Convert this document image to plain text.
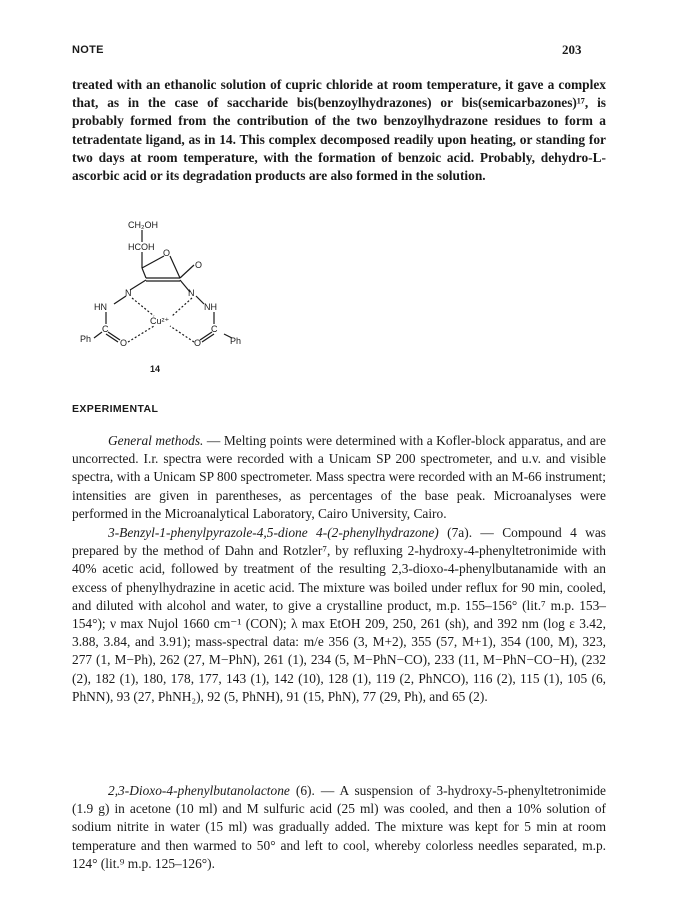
NOTE	203
treated with an ethanolic solution of cupric chloride at room temperature, it gave a complex that, as in the case of saccharide bis(benzoylhydrazones) or bis(semicarbazones)¹⁷, is probably formed from the contribution of the two benzoylhydrazone residues to form a tetradentate ligand, as in 14. This complex decomposed readily upon heating, or standing for two days at room temperature, with the formation of benzoic acid. Probably, dehydro-L-ascorbic acid or its degradation products are also formed in the solution.
CH₂OH
HCOH
O
O
N	N
HN	NH
Cu²⁺
C	C
O	O
Ph	Ph
14
EXPERIMENTAL
General methods. — Melting points were determined with a Kofler-block apparatus, and are uncorrected. I.r. spectra were recorded with a Unicam SP 200 spectrometer, and u.v. and visible spectra, with a Unicam SP 800 spectrometer. Mass spectra were recorded with an M-66 instrument; intensities are given in parentheses, as percentages of the base peak. Microanalyses were performed in the Microanalytical Laboratory, Cairo University, Cairo.
3-Benzyl-1-phenylpyrazole-4,5-dione 4-(2-phenylhydrazone) (7a). — Compound 4 was prepared by the method of Dahn and Rotzler⁷, by refluxing 2-hydroxy-4-phenyltetronimide with 40% acetic acid, followed by treatment of the resulting 2,3-dioxo-4-phenylbutanamide with an excess of phenylhydrazine in acetic acid. The mixture was boiled under reflux for 90 min, cooled, and diluted with alcohol and water, to give a crystalline product, m.p. 155–156° (lit.⁷ m.p. 153–154°); ν max Nujol 1660 cm⁻¹ (CON); λ max EtOH 209, 250, 261 (sh), and 392 nm (log ε 3.42, 3.88, 3.84, and 3.91); mass-spectral data: m/e 356 (3, M+2), 355 (57, M+1), 354 (100, M), 323, 277 (1, M−Ph), 262 (27, M−PhN), 261 (1), 234 (5, M−PhN−CO), 233 (11, M−PhN−CO−H), (232 (2), 182 (1), 180, 178, 177, 143 (1), 142 (10), 128 (1), 119 (2, PhNCO), 116 (2), 115 (1), 105 (6, PhNN), 93 (27, PhNH₂), 92 (5, PhNH), 91 (15, PhN), 77 (29, Ph), and 65 (2).
2,3-Dioxo-4-phenylbutanolactone (6). — A suspension of 3-hydroxy-5-phenyltetronimide (1.9 g) in acetone (10 ml) and M sulfuric acid (25 ml) was cooled, and then a 10% solution of sodium nitrite in water (15 ml) was gradually added. The mixture was kept for 5 min at room temperature and then warmed to 50° and left to cool, whereby colorless needles separated, m.p. 124° (lit.⁹ m.p. 125–126°).
